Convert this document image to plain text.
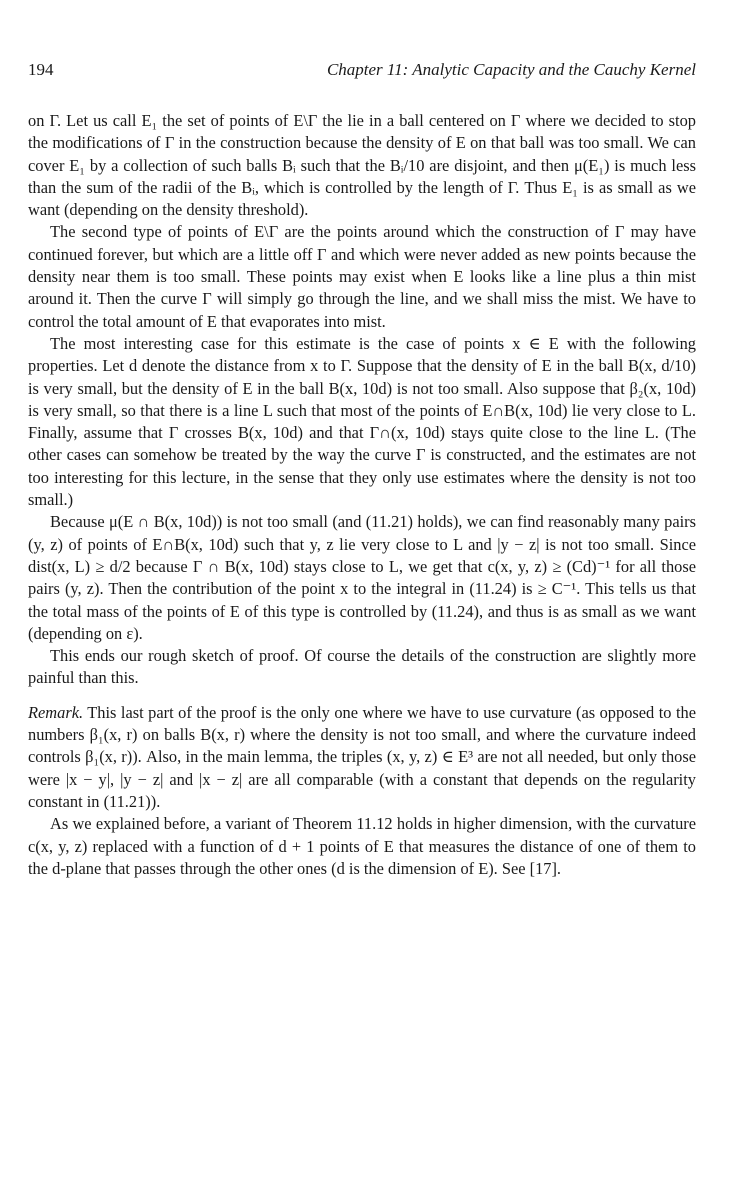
194	Chapter 11: Analytic Capacity and the Cauchy Kernel

on Γ. Let us call E₁ the set of points of E\Γ the lie in a ball centered on Γ where we decided to stop the modifications of Γ in the construction because the density of E on that ball was too small. We can cover E₁ by a collection of such balls Bᵢ such that the Bᵢ/10 are disjoint, and then μ(E₁) is much less than the sum of the radii of the Bᵢ, which is controlled by the length of Γ. Thus E₁ is as small as we want (depending on the density threshold).

The second type of points of E\Γ are the points around which the construction of Γ may have continued forever, but which are a little off Γ and which were never added as new points because the density near them is too small. These points may exist when E looks like a line plus a thin mist around it. Then the curve Γ will simply go through the line, and we shall miss the mist. We have to control the total amount of E that evaporates into mist.

The most interesting case for this estimate is the case of points x ∈ E with the following properties. Let d denote the distance from x to Γ. Suppose that the density of E in the ball B(x, d/10) is very small, but the density of E in the ball B(x, 10d) is not too small. Also suppose that β₂(x, 10d) is very small, so that there is a line L such that most of the points of E∩B(x, 10d) lie very close to L. Finally, assume that Γ crosses B(x, 10d) and that Γ∩(x, 10d) stays quite close to the line L. (The other cases can somehow be treated by the way the curve Γ is constructed, and the estimates are not too interesting for this lecture, in the sense that they only use estimates where the density is not too small.)

Because μ(E ∩ B(x, 10d)) is not too small (and (11.21) holds), we can find reasonably many pairs (y, z) of points of E∩B(x, 10d) such that y, z lie very close to L and |y − z| is not too small. Since dist(x, L) ≥ d/2 because Γ ∩ B(x, 10d) stays close to L, we get that c(x, y, z) ≥ (Cd)⁻¹ for all those pairs (y, z). Then the contribution of the point x to the integral in (11.24) is ≥ C⁻¹. This tells us that the total mass of the points of E of this type is controlled by (11.24), and thus is as small as we want (depending on ε).

This ends our rough sketch of proof. Of course the details of the construction are slightly more painful than this.

Remark. This last part of the proof is the only one where we have to use curvature (as opposed to the numbers β₁(x, r) on balls B(x, r) where the density is not too small, and where the curvature indeed controls β₁(x, r)). Also, in the main lemma, the triples (x, y, z) ∈ E³ are not all needed, but only those were |x − y|, |y − z| and |x − z| are all comparable (with a constant that depends on the regularity constant in (11.21)).

As we explained before, a variant of Theorem 11.12 holds in higher dimension, with the curvature c(x, y, z) replaced with a function of d + 1 points of E that measures the distance of one of them to the d-plane that passes through the other ones (d is the dimension of E). See [17].
